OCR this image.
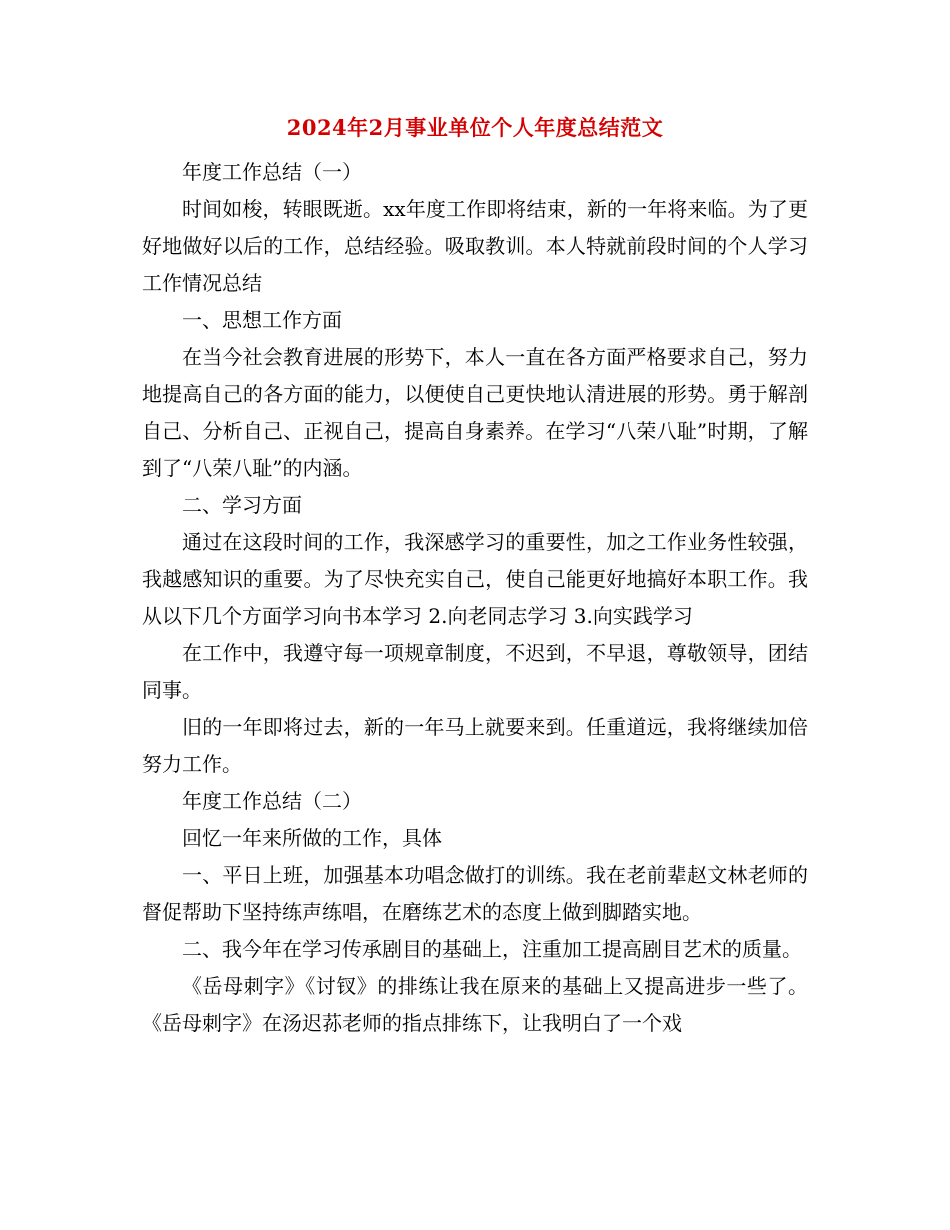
2024年2月事业单位个人年度总结范文

年度工作总结（一）

时间如梭，转眼既逝。xx年度工作即将结束，新的一年将来临。为了更好地做好以后的工作，总结经验。吸取教训。本人特就前段时间的个人学习工作情况总结

一、思想工作方面

在当今社会教育进展的形势下，本人一直在各方面严格要求自己，努力地提高自己的各方面的能力，以便使自己更快地认清进展的形势。勇于解剖自己、分析自己、正视自己，提高自身素养。在学习“八荣八耻”时期，了解到了“八荣八耻”的内涵。

二、学习方面

通过在这段时间的工作，我深感学习的重要性，加之工作业务性较强，我越感知识的重要。为了尽快充实自己，使自己能更好地搞好本职工作。我从以下几个方面学习向书本学习 2.向老同志学习 3.向实践学习

在工作中，我遵守每一项规章制度，不迟到，不早退，尊敬领导，团结同事。

旧的一年即将过去，新的一年马上就要来到。任重道远，我将继续加倍努力工作。

年度工作总结（二）

回忆一年来所做的工作，具体

一、平日上班，加强基本功唱念做打的训练。我在老前辈赵文林老师的督促帮助下坚持练声练唱，在磨练艺术的态度上做到脚踏实地。

二、我今年在学习传承剧目的基础上，注重加工提高剧目艺术的质量。

《岳母刺字》《讨钗》的排练让我在原来的基础上又提高进步一些了。《岳母刺字》在汤迟荪老师的指点排练下，让我明白了一个戏
